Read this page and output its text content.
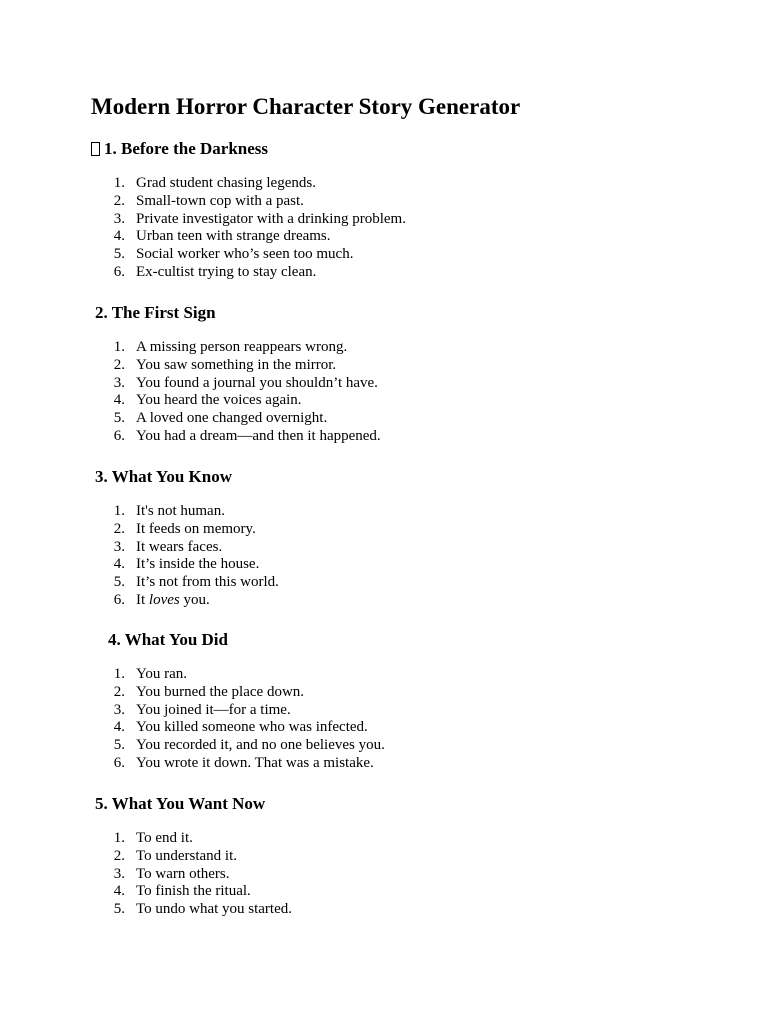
Modern Horror Character Story Generator
1. Before the Darkness
1. Grad student chasing legends.
2. Small-town cop with a past.
3. Private investigator with a drinking problem.
4. Urban teen with strange dreams.
5. Social worker who’s seen too much.
6. Ex-cultist trying to stay clean.
2. The First Sign
1. A missing person reappears wrong.
2. You saw something in the mirror.
3. You found a journal you shouldn’t have.
4. You heard the voices again.
5. A loved one changed overnight.
6. You had a dream—and then it happened.
3. What You Know
1. It's not human.
2. It feeds on memory.
3. It wears faces.
4. It’s inside the house.
5. It’s not from this world.
6. It loves you.
4. What You Did
1. You ran.
2. You burned the place down.
3. You joined it—for a time.
4. You killed someone who was infected.
5. You recorded it, and no one believes you.
6. You wrote it down. That was a mistake.
5. What You Want Now
1. To end it.
2. To understand it.
3. To warn others.
4. To finish the ritual.
5. To undo what you started.
